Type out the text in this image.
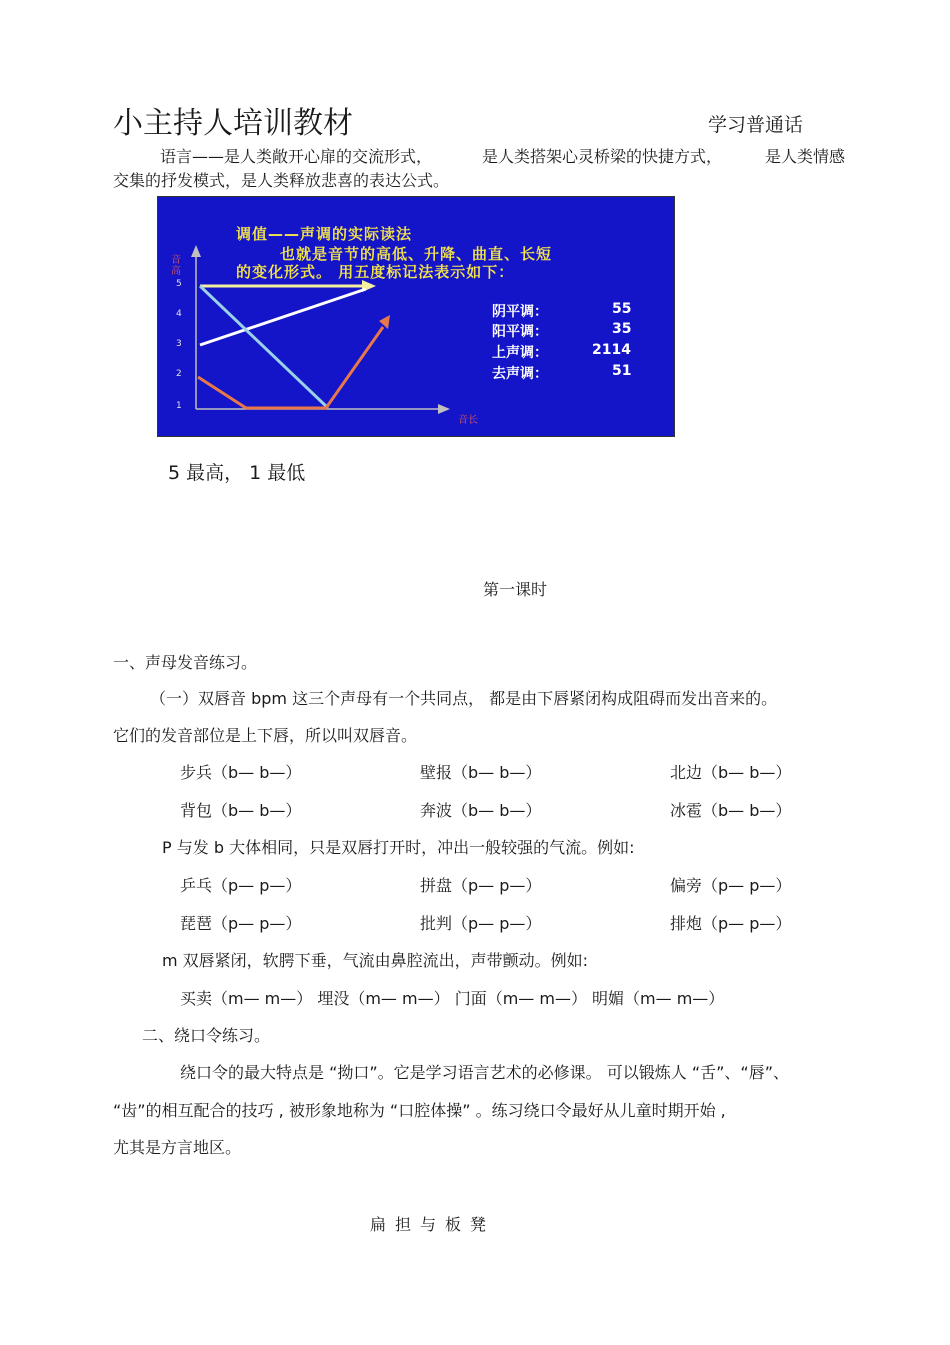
小主持人培训教材	学习普通话
语言——是人类敞开心扉的交流形式，	是人类搭架心灵桥梁的快捷方式，	是人类情感
交集的抒发模式，是人类释放悲喜的表达公式。
调值——声调的实际读法
也就是音节的高低、升降、曲直、长短
的变化形式。 用五度标记法表示如下：
音高
5
4
3
2
1
音长
阴平调：	55
阳平调：	35
上声调：	2114
去声调：	51
5 最高， 1 最低
第一课时
一、声母发音练习。
（一）双唇音 bpm 这三个声母有一个共同点， 都是由下唇紧闭构成阻碍而发出音来的。
它们的发音部位是上下唇，所以叫双唇音。
步兵（b— b—）	壁报（b— b—）	北边（b— b—）
背包（b— b—）	奔波（b— b—）	冰雹（b— b—）
P 与发 b 大体相同，只是双唇打开时，冲出一般较强的气流。例如:
乒乓（p— p—）	拼盘（p— p—）	偏旁（p— p—）
琵琶（p— p—）	批判（p— p—）	排炮（p— p—）
m 双唇紧闭，软腭下垂，气流由鼻腔流出，声带颤动。例如:
买卖（m— m—） 埋没（m— m—） 门面（m— m—） 明媚（m— m—）
二、绕口令练习。
绕口令的最大特点是 “拗口”。它是学习语言艺术的必修课。 可以锻炼人 “舌”、“唇”、
“齿”的相互配合的技巧 , 被形象地称为 “口腔体操” 。练习绕口令最好从儿童时期开始 ,
尤其是方言地区。
扁担与板凳
